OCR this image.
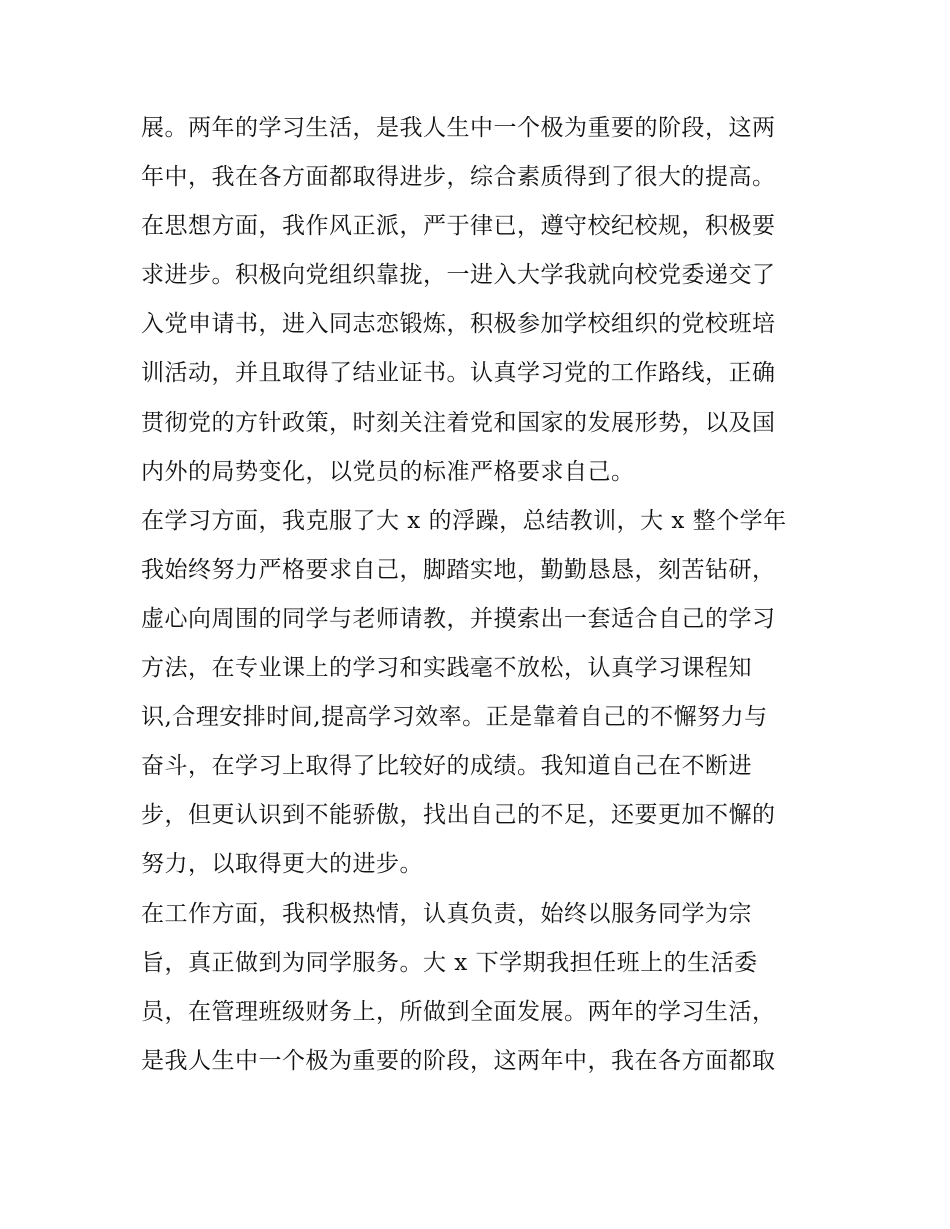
展。两年的学习生活，是我人生中一个极为重要的阶段，这两
年中，我在各方面都取得进步，综合素质得到了很大的提高。
在思想方面，我作风正派，严于律已，遵守校纪校规，积极要
求进步。积极向党组织靠拢，一进入大学我就向校党委递交了
入党申请书，进入同志恋锻炼，积极参加学校组织的党校班培
训活动，并且取得了结业证书。认真学习党的工作路线，正确
贯彻党的方针政策，时刻关注着党和国家的发展形势，以及国
内外的局势变化，以党员的标准严格要求自己。
在学习方面，我克服了大 x 的浮躁，总结教训，大 x 整个学年
我始终努力严格要求自己，脚踏实地，勤勤恳恳，刻苦钻研，
虚心向周围的同学与老师请教，并摸索出一套适合自己的学习
方法，在专业课上的学习和实践毫不放松，认真学习课程知
识,合理安排时间,提高学习效率。正是靠着自己的不懈努力与
奋斗，在学习上取得了比较好的成绩。我知道自己在不断进
步，但更认识到不能骄傲，找出自己的不足，还要更加不懈的
努力，以取得更大的进步。
在工作方面，我积极热情，认真负责，始终以服务同学为宗
旨，真正做到为同学服务。大 x 下学期我担任班上的生活委
员，在管理班级财务上，所做到全面发展。两年的学习生活，
是我人生中一个极为重要的阶段，这两年中，我在各方面都取
